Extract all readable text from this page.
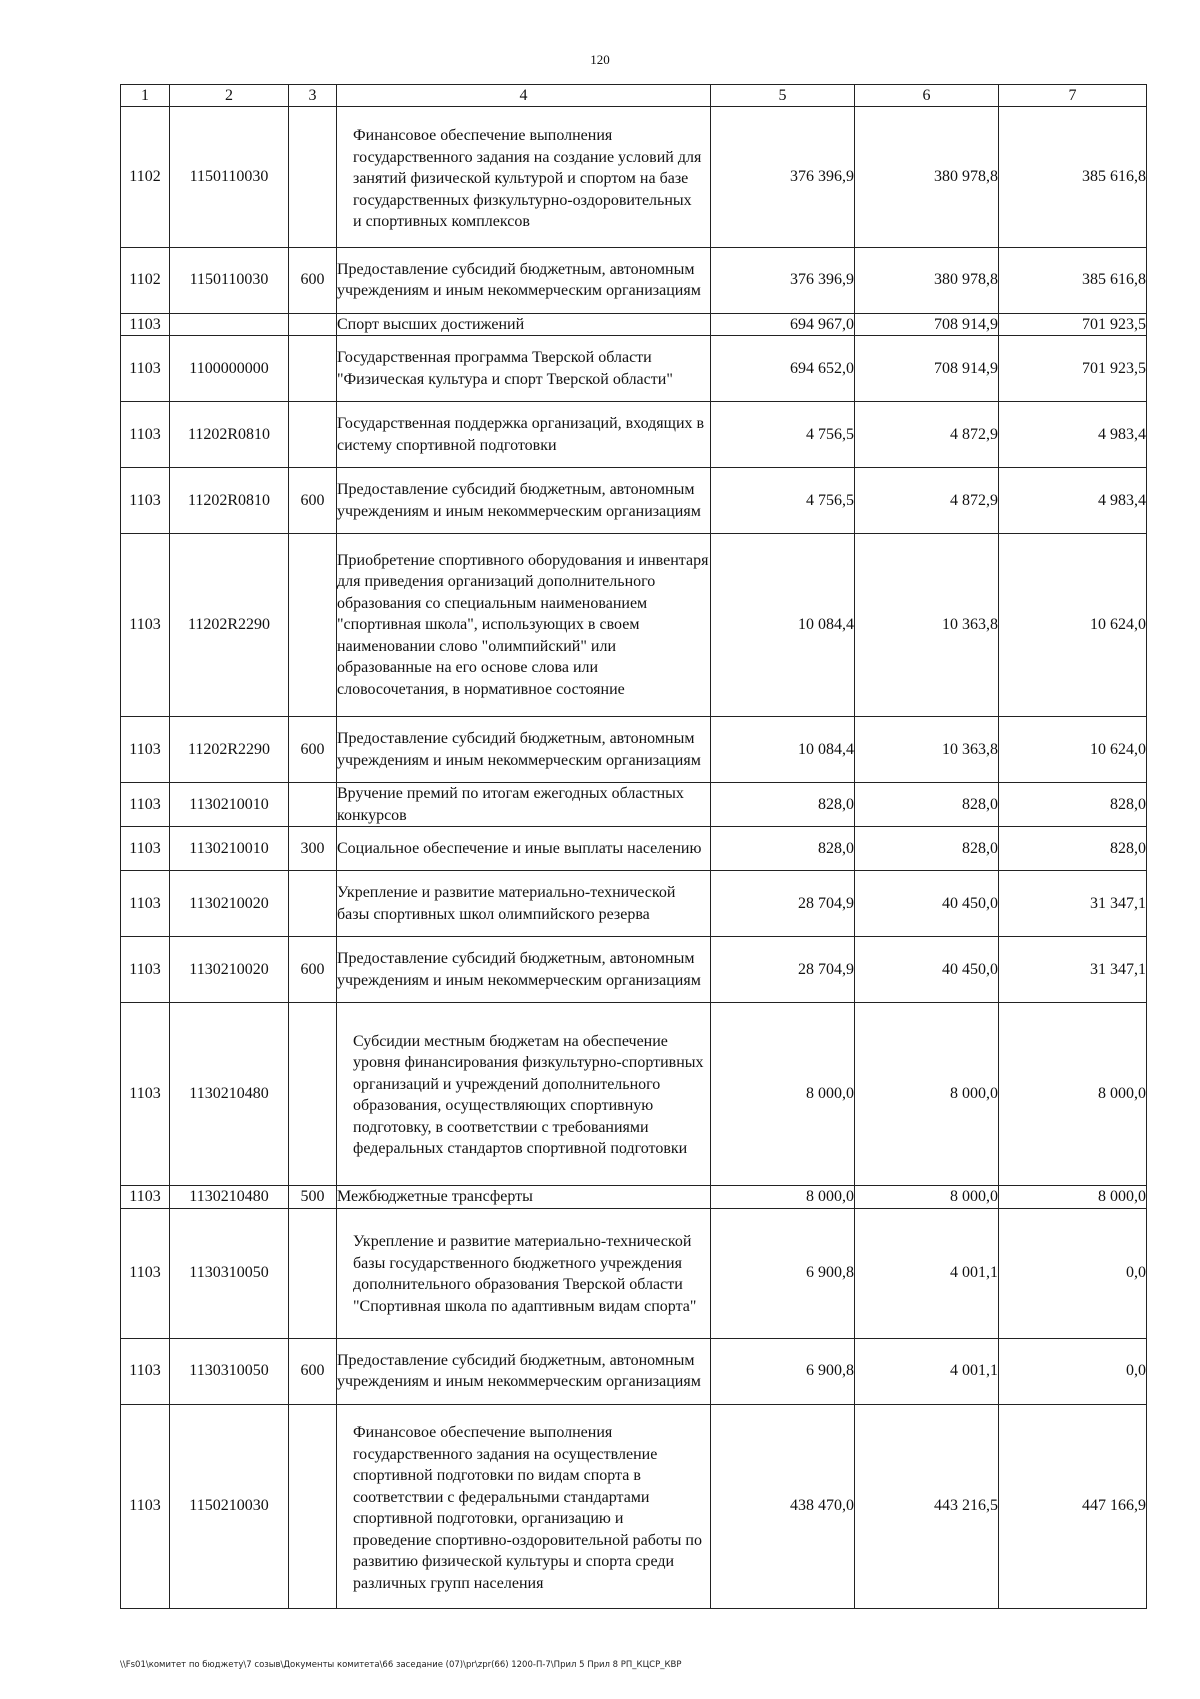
120
1	2	3	4	5	6	7
1102	1150110030		Финансовое обеспечение выполнения государственного задания на создание условий для занятий физической культурой и спортом на базе государственных физкультурно-оздоровительных и спортивных комплексов	376 396,9	380 978,8	385 616,8
1102	1150110030	600	Предоставление субсидий бюджетным, автономным учреждениям и иным некоммерческим организациям	376 396,9	380 978,8	385 616,8
1103			Спорт высших достижений	694 967,0	708 914,9	701 923,5
1103	1100000000		Государственная программа Тверской области "Физическая культура и спорт Тверской области"	694 652,0	708 914,9	701 923,5
1103	11202R0810		Государственная поддержка организаций, входящих в систему спортивной подготовки	4 756,5	4 872,9	4 983,4
1103	11202R0810	600	Предоставление субсидий бюджетным, автономным учреждениям и иным некоммерческим организациям	4 756,5	4 872,9	4 983,4
1103	11202R2290		Приобретение спортивного оборудования и инвентаря для приведения организаций дополнительного образования со специальным наименованием "спортивная школа", использующих в своем наименовании слово "олимпийский" или образованные на его основе слова или словосочетания, в нормативное состояние	10 084,4	10 363,8	10 624,0
1103	11202R2290	600	Предоставление субсидий бюджетным, автономным учреждениям и иным некоммерческим организациям	10 084,4	10 363,8	10 624,0
1103	1130210010		Вручение премий по итогам ежегодных областных конкурсов	828,0	828,0	828,0
1103	1130210010	300	Социальное обеспечение и иные выплаты населению	828,0	828,0	828,0
1103	1130210020		Укрепление и развитие материально-технической базы спортивных школ олимпийского резерва	28 704,9	40 450,0	31 347,1
1103	1130210020	600	Предоставление субсидий бюджетным, автономным учреждениям и иным некоммерческим организациям	28 704,9	40 450,0	31 347,1
1103	1130210480		Субсидии местным бюджетам на обеспечение уровня финансирования физкультурно-спортивных организаций и учреждений дополнительного образования, осуществляющих спортивную подготовку, в соответствии с требованиями федеральных стандартов спортивной подготовки	8 000,0	8 000,0	8 000,0
1103	1130210480	500	Межбюджетные трансферты	8 000,0	8 000,0	8 000,0
1103	1130310050		Укрепление и развитие материально-технической базы государственного бюджетного учреждения дополнительного образования Тверской области "Спортивная школа по адаптивным видам спорта"	6 900,8	4 001,1	0,0
1103	1130310050	600	Предоставление субсидий бюджетным, автономным учреждениям и иным некоммерческим организациям	6 900,8	4 001,1	0,0
1103	1150210030		Финансовое обеспечение выполнения государственного задания на осуществление спортивной подготовки по видам спорта в соответствии с федеральными стандартами спортивной подготовки, организацию и проведение спортивно-оздоровительной работы по развитию физической культуры и спорта среди различных групп населения	438 470,0	443 216,5	447 166,9
\\Fs01\комитет по бюджету\7 созыв\Документы комитета\66 заседание (07)\pr\zpr(66) 1200-П-7\Прил 5 Прил 8 РП_КЦСР_КВР
